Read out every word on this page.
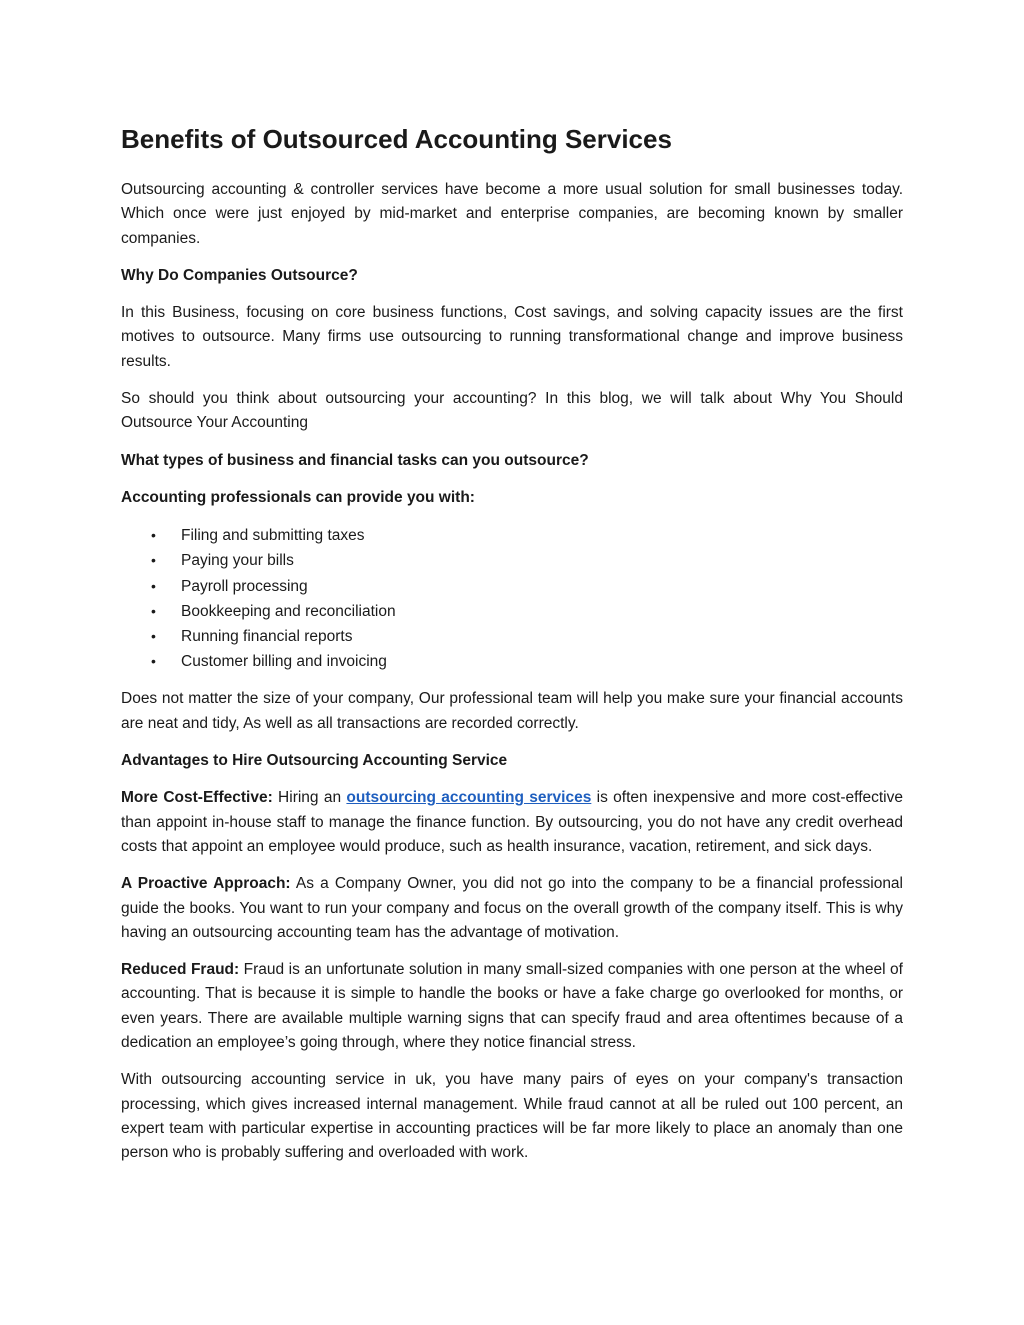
Benefits of Outsourced Accounting Services

Outsourcing accounting & controller services have become a more usual solution for small businesses today. Which once were just enjoyed by mid-market and enterprise companies, are becoming known by smaller companies.

Why Do Companies Outsource?

In this Business, focusing on core business functions, Cost savings, and solving capacity issues are the first motives to outsource. Many firms use outsourcing to running transformational change and improve business results.

So should you think about outsourcing your accounting? In this blog, we will talk about Why You Should Outsource Your Accounting

What types of business and financial tasks can you outsource?

Accounting professionals can provide you with:

• Filing and submitting taxes
• Paying your bills
• Payroll processing
• Bookkeeping and reconciliation
• Running financial reports
• Customer billing and invoicing

Does not matter the size of your company, Our professional team will help you make sure your financial accounts are neat and tidy, As well as all transactions are recorded correctly.

Advantages to Hire Outsourcing Accounting Service

More Cost-Effective: Hiring an outsourcing accounting services is often inexpensive and more cost-effective than appoint in-house staff to manage the finance function. By outsourcing, you do not have any credit overhead costs that appoint an employee would produce, such as health insurance, vacation, retirement, and sick days.

A Proactive Approach: As a Company Owner, you did not go into the company to be a financial professional guide the books. You want to run your company and focus on the overall growth of the company itself. This is why having an outsourcing accounting team has the advantage of motivation.

Reduced Fraud: Fraud is an unfortunate solution in many small-sized companies with one person at the wheel of accounting. That is because it is simple to handle the books or have a fake charge go overlooked for months, or even years. There are available multiple warning signs that can specify fraud and area oftentimes because of a dedication an employee’s going through, where they notice financial stress.

With outsourcing accounting service in uk, you have many pairs of eyes on your company's transaction processing, which gives increased internal management. While fraud cannot at all be ruled out 100 percent, an expert team with particular expertise in accounting practices will be far more likely to place an anomaly than one person who is probably suffering and overloaded with work.
